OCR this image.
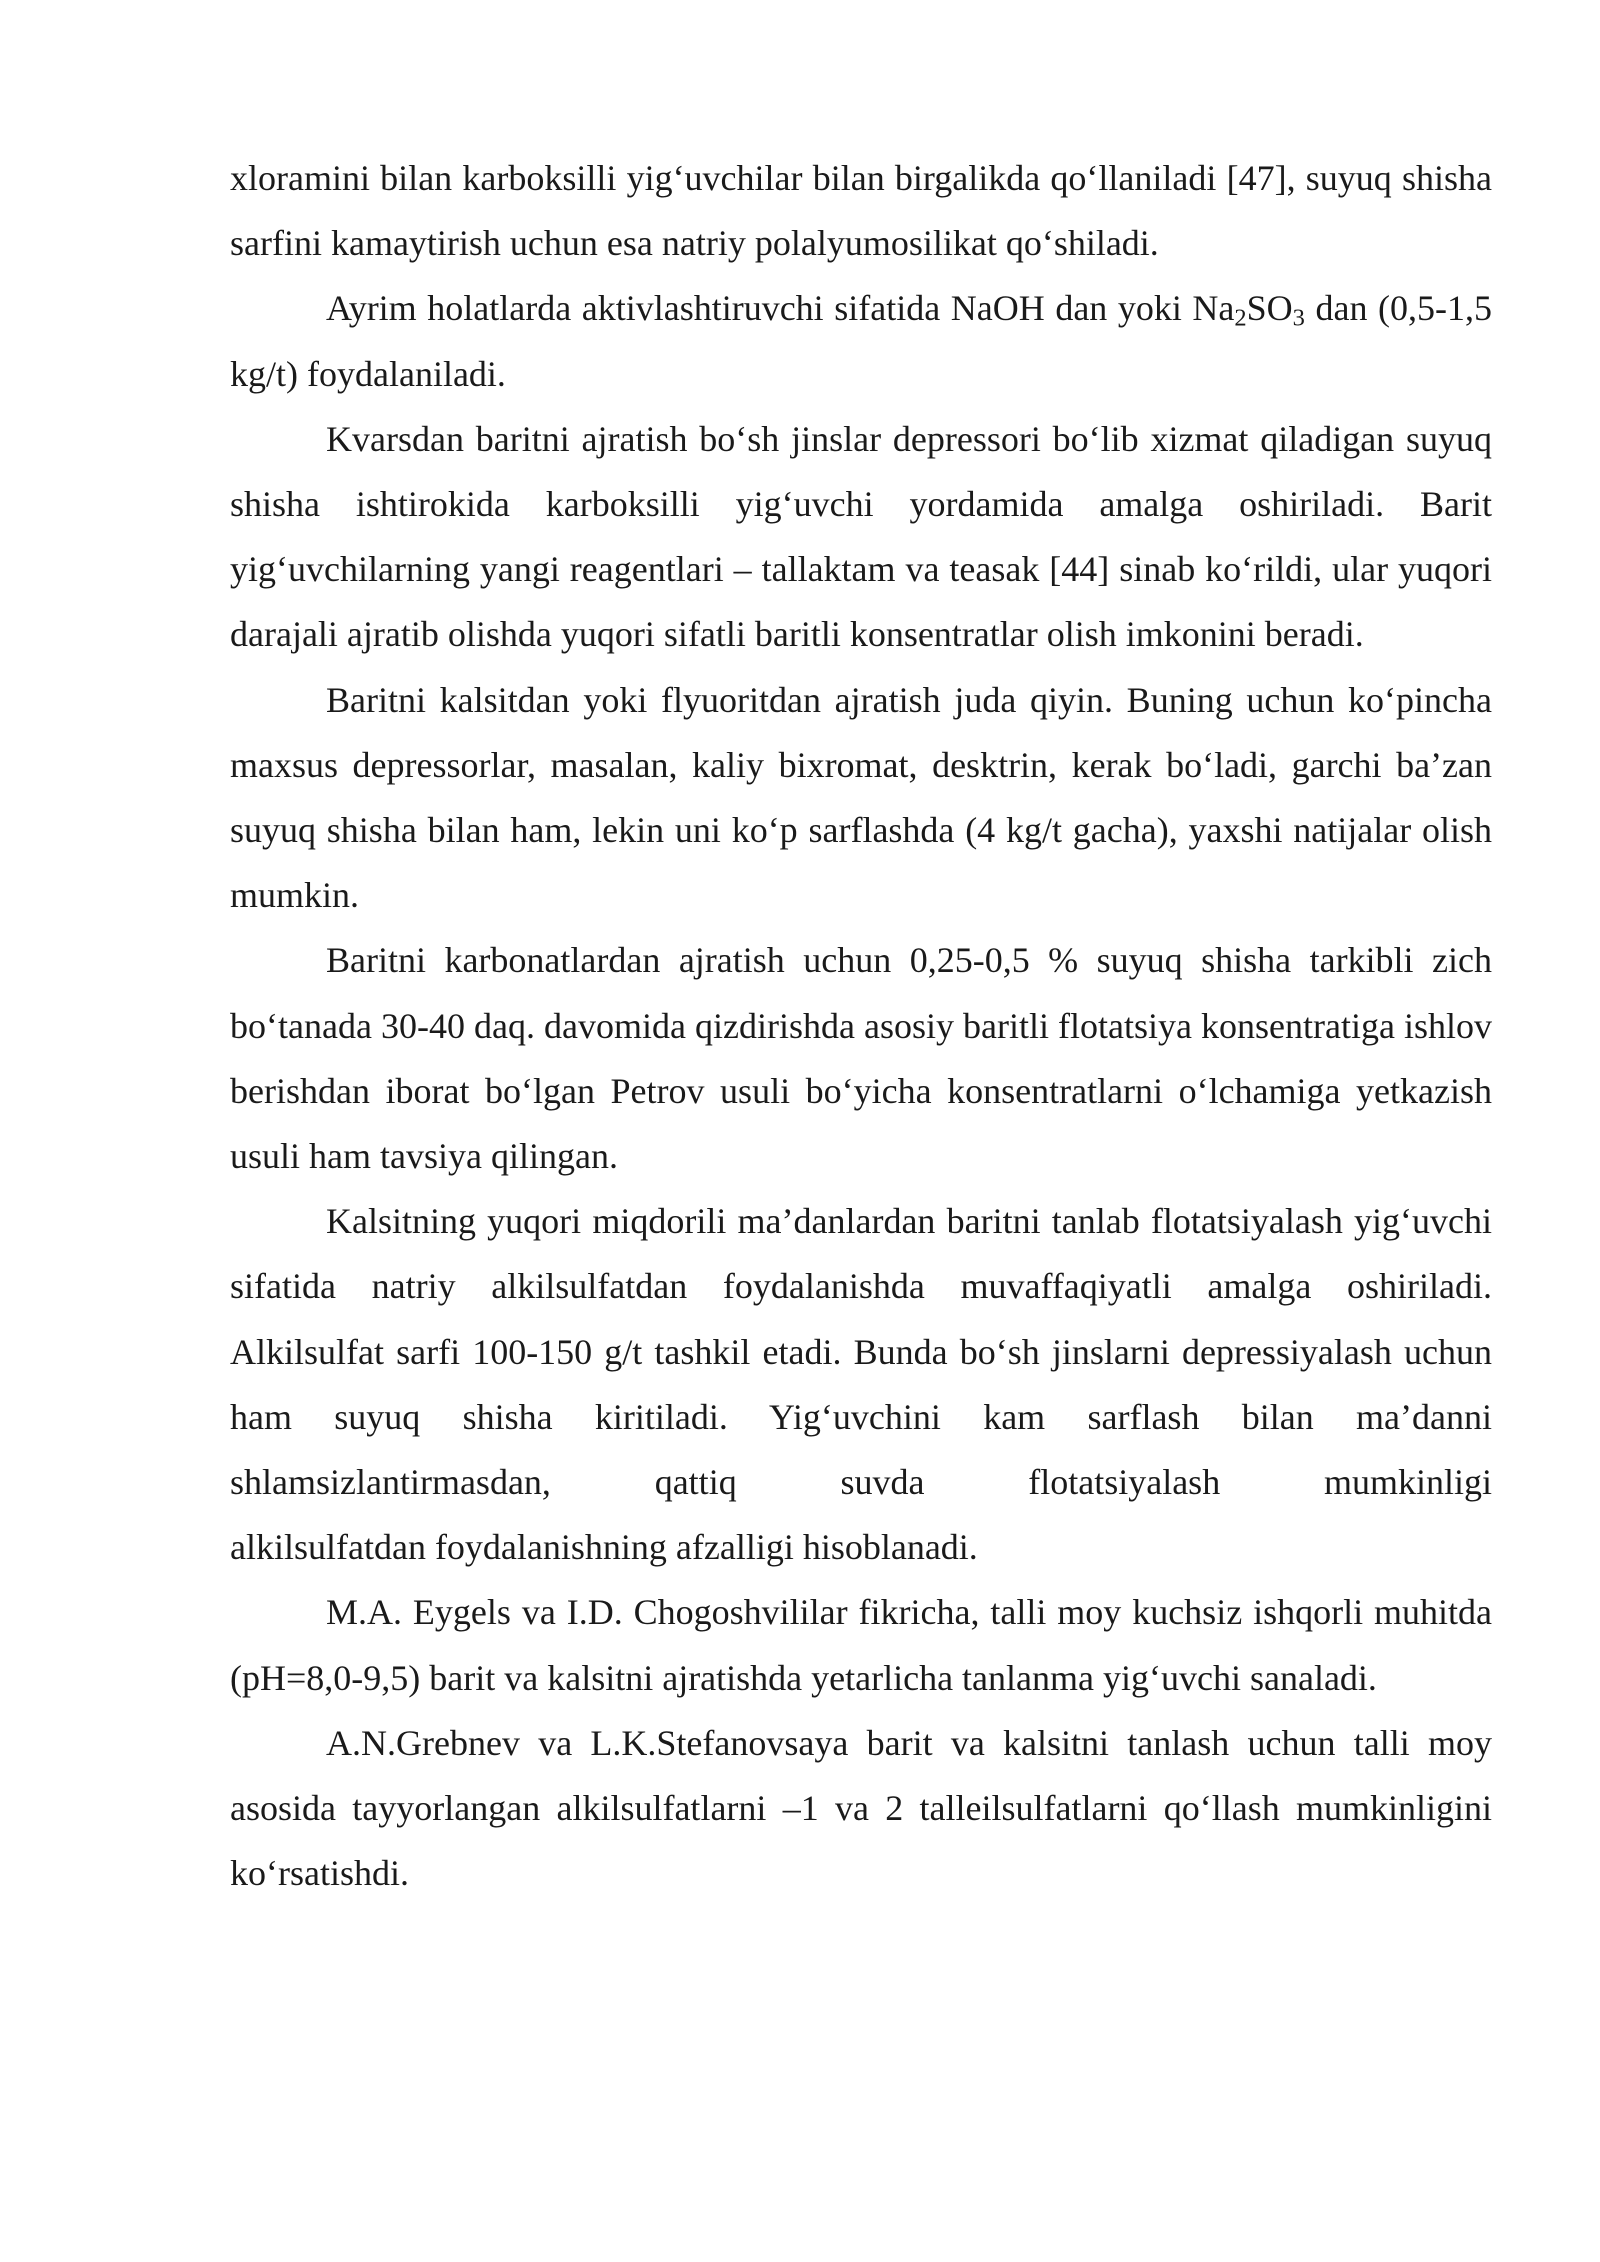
xloramini bilan karboksilli yig‘uvchilar bilan birgalikda qo‘llaniladi [47], suyuq shisha sarfini kamaytirish uchun esa natriy polalyumosilikat qo‘shiladi.

Ayrim holatlarda aktivlashtiruvchi sifatida NaOH dan yoki $Na_2SO_3$ dan (0,5-1,5 kg/t) foydalaniladi.

Kvarsdan baritni ajratish bo‘sh jinslar depressori bo‘lib xizmat qiladigan suyuq shisha ishtirokida karboksilli yig‘uvchi yordamida amalga oshiriladi. Barit yig‘uvchilarning yangi reagentlari – tallaktam va teasak [44] sinab ko‘rildi, ular yuqori darajali ajratib olishda yuqori sifatli baritli konsentratlar olish imkonini beradi.

Baritni kalsitdan yoki flyuoritdan ajratish juda qiyin. Buning uchun ko‘pincha maxsus depressorlar, masalan, kaliy bixromat, desktrin, kerak bo‘ladi, garchi ba’zan suyuq shisha bilan ham, lekin uni ko‘p sarflashda (4 kg/t gacha), yaxshi natijalar olish mumkin.

Baritni karbonatlardan ajratish uchun 0,25-0,5 % suyuq shisha tarkibli zich bo‘tanada 30-40 daq. davomida qizdirishda asosiy baritli flotatsiya konsentratiga ishlov berishdan iborat bo‘lgan Petrov usuli bo‘yicha konsentratlarni o‘lchamiga yetkazish usuli ham tavsiya qilingan.

Kalsitning yuqori miqdorili ma’danlardan baritni tanlab flotatsiyalash yig‘uvchi sifatida natriy alkilsulfatdan foydalanishda muvaffaqiyatli amalga oshiriladi. Alkilsulfat sarfi 100-150 g/t tashkil etadi. Bunda bo‘sh jinslarni depressiyalash uchun ham suyuq shisha kiritiladi. Yig‘uvchini kam sarflash bilan ma’danni shlamsizlantirmasdan, qattiq suvda flotatsiyalash mumkinligi

alkilsulfatdan foydalanishning afzalligi hisoblanadi.

M.A. Eygels va I.D. Chogoshvililar fikricha, talli moy kuchsiz ishqorli muhitda (pH=8,0-9,5) barit va kalsitni ajratishda yetarlicha tanlanma yig‘uvchi sanaladi.

A.N.Grebnev va L.K.Stefanovsaya barit va kalsitni tanlash uchun talli moy asosida tayyorlangan alkilsulfatlarni –1 va 2 talleilsulfatlarni qo‘llash mumkinligini ko‘rsatishdi.
